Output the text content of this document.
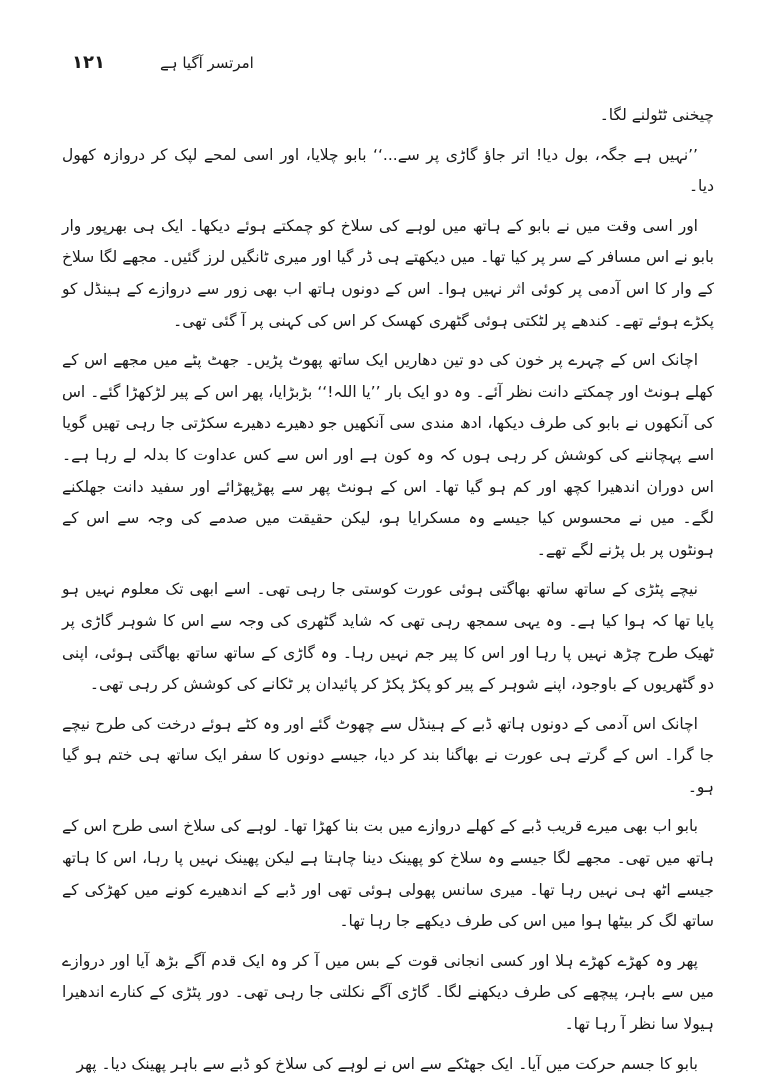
١٢١	امرتسر آگیا ہے

چیخنی ٹٹولنے لگا۔

’’نہیں ہے جگہ، بول دیا! اتر جاؤ گاڑی پر سے...‘‘ بابو چلایا، اور اسی لمحے لپک کر دروازہ کھول دیا۔

اور اسی وقت میں نے بابو کے ہاتھ میں لوہے کی سلاخ کو چمکتے ہوئے دیکھا۔ ایک ہی بھرپور وار بابو نے اس مسافر کے سر پر کیا تھا۔ میں دیکھتے ہی ڈر گیا اور میری ٹانگیں لرز گئیں۔ مجھے لگا سلاخ کے وار کا اس آدمی پر کوئی اثر نہیں ہوا۔ اس کے دونوں ہاتھ اب بھی زور سے دروازے کے ہینڈل کو پکڑے ہوئے تھے۔ کندھے پر لٹکتی ہوئی گٹھری کھسک کر اس کی کہنی پر آ گئی تھی۔

اچانک اس کے چہرے پر خون کی دو تین دھاریں ایک ساتھ پھوٹ پڑیں۔ جھٹ پٹے میں مجھے اس کے کھلے ہونٹ اور چمکتے دانت نظر آئے۔ وہ دو ایک بار ’’یا اللہ!‘‘ بڑبڑایا، پھر اس کے پیر لڑکھڑا گئے۔ اس کی آنکھوں نے بابو کی طرف دیکھا، ادھ مندی سی آنکھیں جو دھیرے دھیرے سکڑتی جا رہی تھیں گویا اسے پہچاننے کی کوشش کر رہی ہوں کہ وہ کون ہے اور اس سے کس عداوت کا بدلہ لے رہا ہے۔ اس دوران اندھیرا کچھ اور کم ہو گیا تھا۔ اس کے ہونٹ پھر سے پھڑپھڑائے اور سفید دانت جھلکنے لگے۔ میں نے محسوس کیا جیسے وہ مسکرایا ہو، لیکن حقیقت میں صدمے کی وجہ سے اس کے ہونٹوں پر بل پڑنے لگے تھے۔

نیچے پٹڑی کے ساتھ ساتھ بھاگتی ہوئی عورت کوستی جا رہی تھی۔ اسے ابھی تک معلوم نہیں ہو پایا تھا کہ ہوا کیا ہے۔ وہ یہی سمجھ رہی تھی کہ شاید گٹھری کی وجہ سے اس کا شوہر گاڑی پر ٹھیک طرح چڑھ نہیں پا رہا اور اس کا پیر جم نہیں رہا۔ وہ گاڑی کے ساتھ ساتھ بھاگتی ہوئی، اپنی دو گٹھریوں کے باوجود، اپنے شوہر کے پیر کو پکڑ پکڑ کر پائیدان پر ٹکانے کی کوشش کر رہی تھی۔

اچانک اس آدمی کے دونوں ہاتھ ڈبے کے ہینڈل سے چھوٹ گئے اور وہ کٹے ہوئے درخت کی طرح نیچے جا گرا۔ اس کے گرتے ہی عورت نے بھاگنا بند کر دیا، جیسے دونوں کا سفر ایک ساتھ ہی ختم ہو گیا ہو۔

بابو اب بھی میرے قریب ڈبے کے کھلے دروازے میں بت بنا کھڑا تھا۔ لوہے کی سلاخ اسی طرح اس کے ہاتھ میں تھی۔ مجھے لگا جیسے وہ سلاخ کو پھینک دینا چاہتا ہے لیکن پھینک نہیں پا رہا، اس کا ہاتھ جیسے اٹھ ہی نہیں رہا تھا۔ میری سانس پھولی ہوئی تھی اور ڈبے کے اندھیرے کونے میں کھڑکی کے ساتھ لگ کر بیٹھا ہوا میں اس کی طرف دیکھے جا رہا تھا۔

پھر وہ کھڑے کھڑے ہلا اور کسی انجانی قوت کے بس میں آ کر وہ ایک قدم آگے بڑھ آیا اور دروازے میں سے باہر، پیچھے کی طرف دیکھنے لگا۔ گاڑی آگے نکلتی جا رہی تھی۔ دور پٹڑی کے کنارے اندھیرا ہیولا سا نظر آ رہا تھا۔

بابو کا جسم حرکت میں آیا۔ ایک جھٹکے سے اس نے لوہے کی سلاخ کو ڈبے سے باہر پھینک دیا۔ پھر
